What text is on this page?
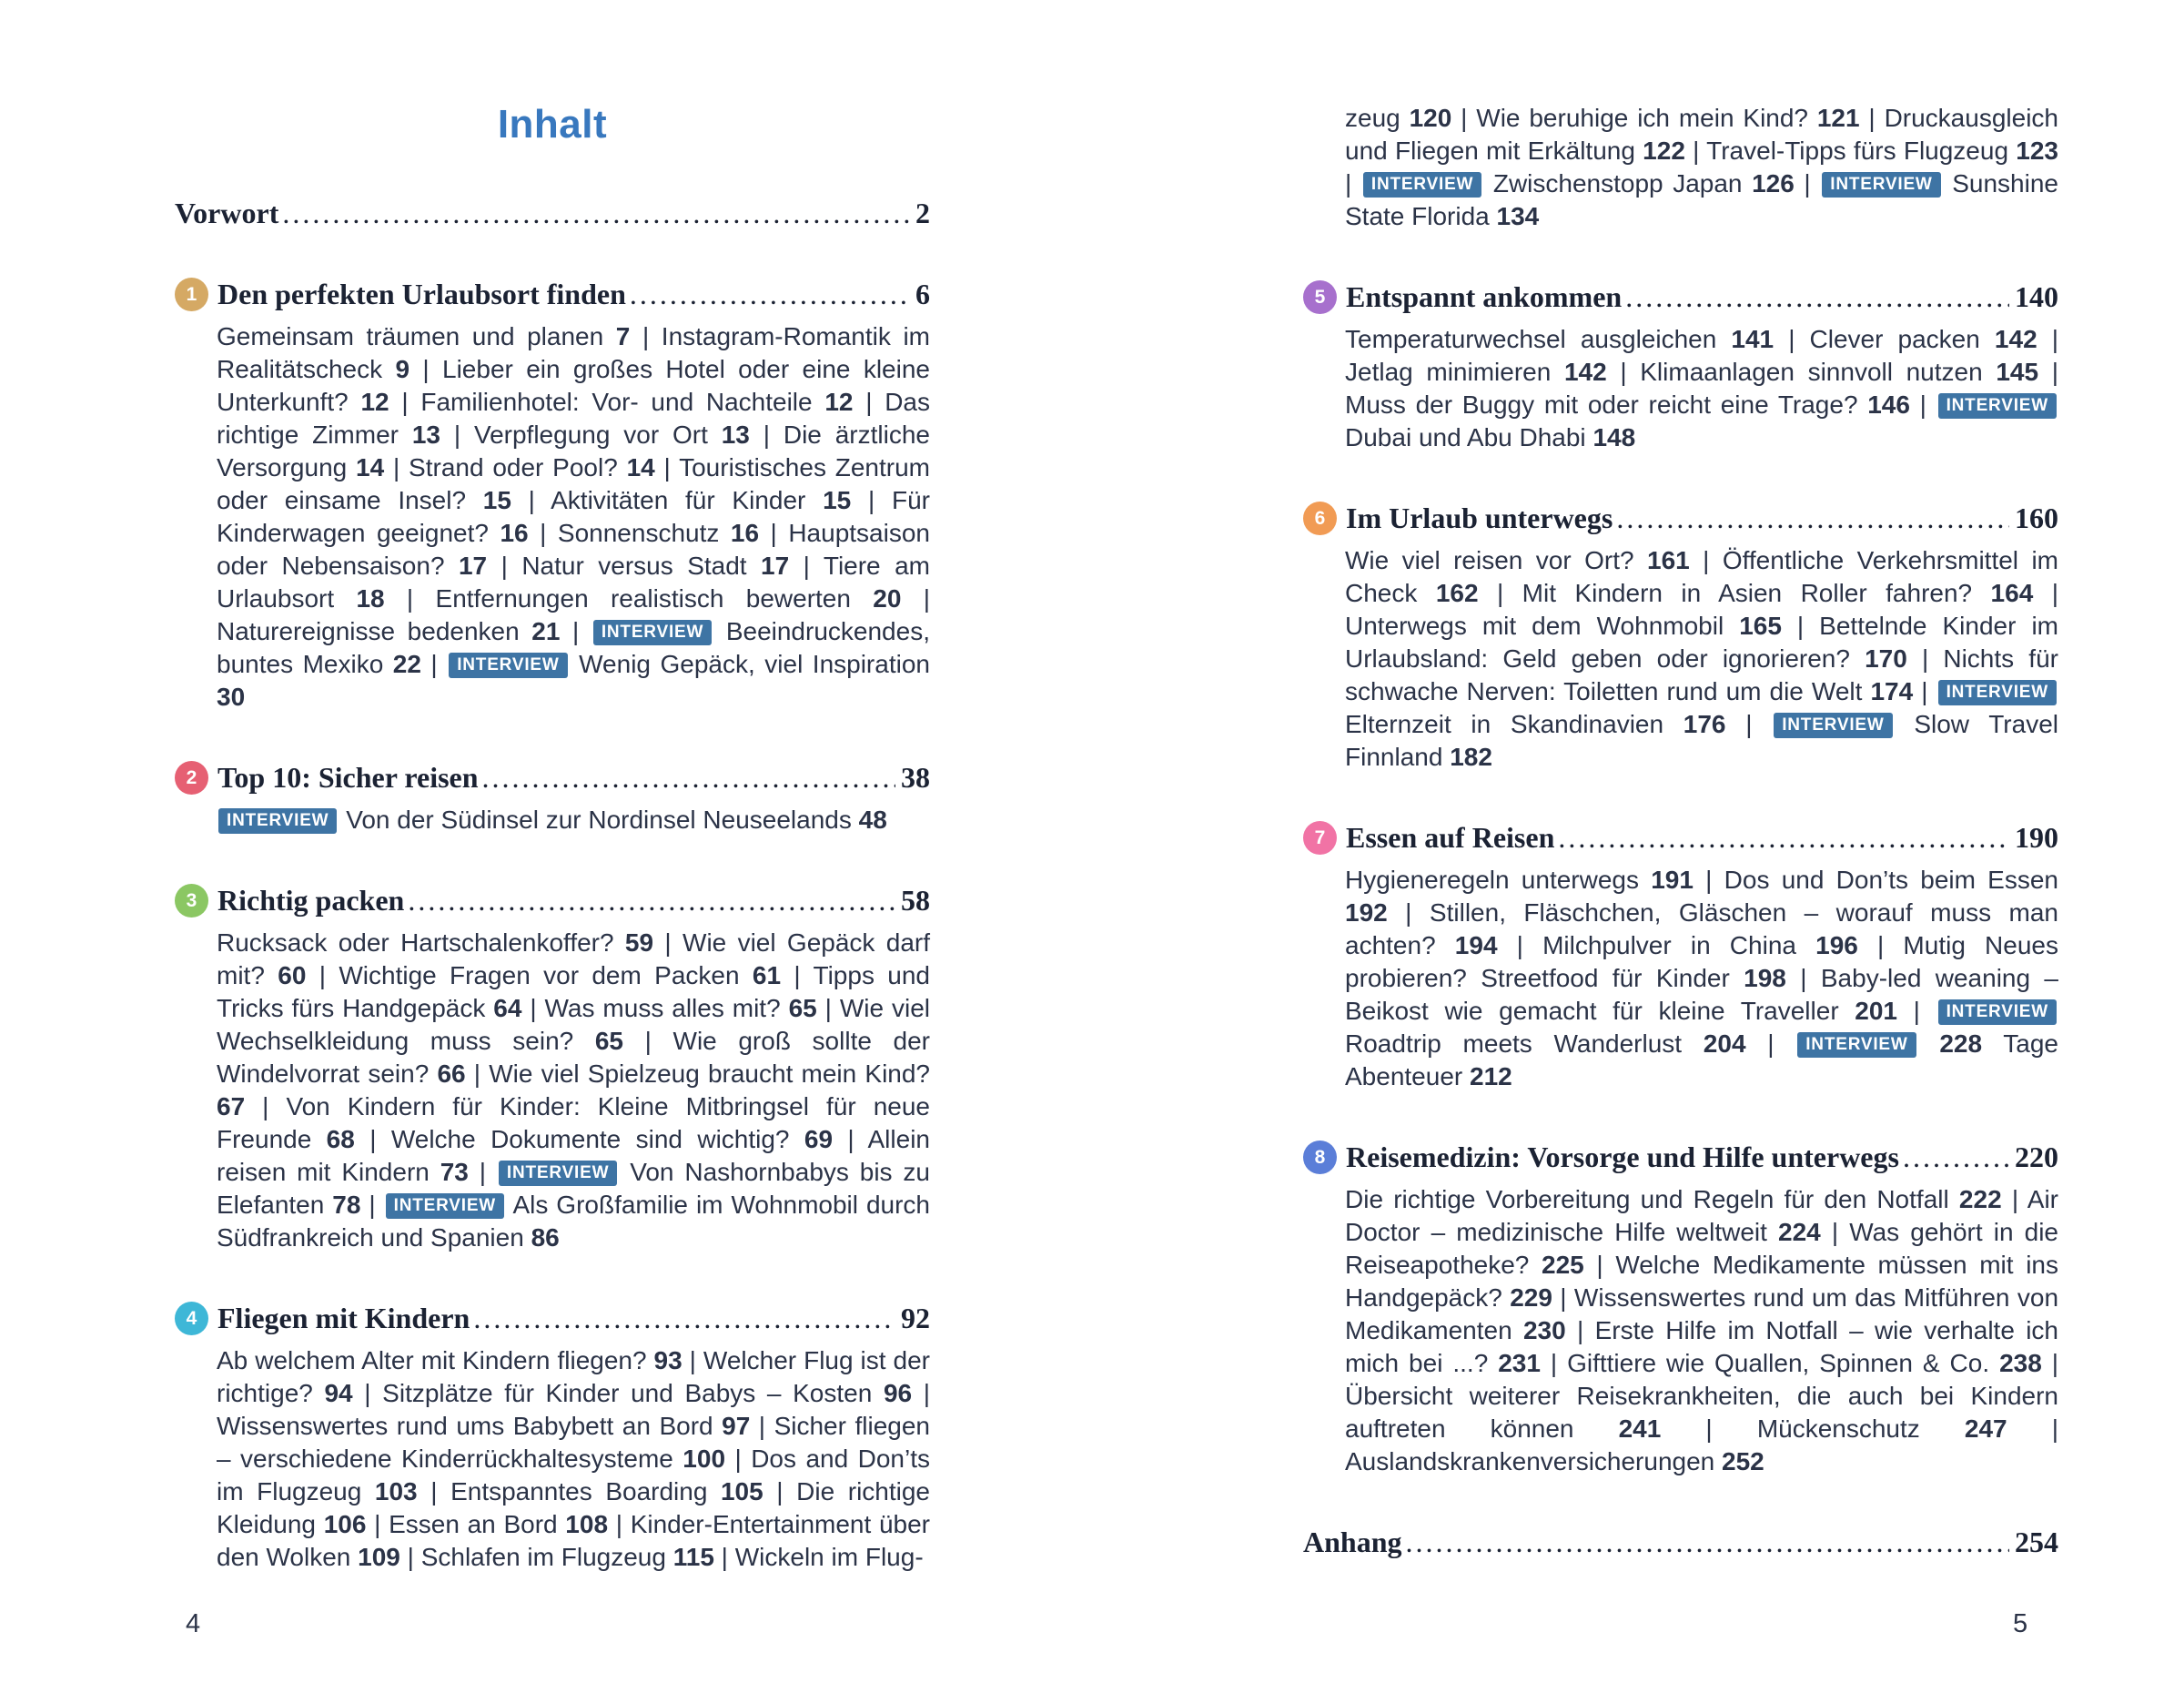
Inhalt
Vorwort .....	2
1 Den perfekten Urlaubsort finden .....	6

Gemeinsam träumen und planen 7 | Instagram-Romantik im Realitätscheck 9 | Lieber ein großes Hotel oder eine kleine Unterkunft? 12 | Familienhotel: Vor- und Nachteile 12 | Das richtige Zimmer 13 | Verpflegung vor Ort 13 | Die ärztliche Versorgung 14 | Strand oder Pool? 14 | Touristisches Zentrum oder einsame Insel? 15 | Aktivitäten für Kinder 15 | Für Kinderwagen geeignet? 16 | Sonnenschutz 16 | Hauptsaison oder Nebensaison? 17 | Natur versus Stadt 17 | Tiere am Urlaubsort 18 | Entfernungen realistisch bewerten 20 | Naturereignisse bedenken 21 | INTERVIEW Beeindruckendes, buntes Mexiko 22 | INTERVIEW Wenig Gepäck, viel Inspiration 30

2 Top 10: Sicher reisen .....	38

INTERVIEW Von der Südinsel zur Nordinsel Neuseelands 48

3 Richtig packen .....	58

Rucksack oder Hartschalenkoffer? 59 | Wie viel Gepäck darf mit? 60 | Wichtige Fragen vor dem Packen 61 | Tipps und Tricks fürs Handgepäck 64 | Was muss alles mit? 65 | Wie viel Wechselkleidung muss sein? 65 | Wie groß sollte der Windelvorrat sein? 66 | Wie viel Spielzeug braucht mein Kind? 67 | Von Kindern für Kinder: Kleine Mitbringsel für neue Freunde 68 | Welche Dokumente sind wichtig? 69 | Allein reisen mit Kindern 73 | INTERVIEW Von Nashornbabys bis zu Elefanten 78 | INTERVIEW Als Großfamilie im Wohnmobil durch Südfrankreich und Spanien 86

4 Fliegen mit Kindern .....	92

Ab welchem Alter mit Kindern fliegen? 93 | Welcher Flug ist der richtige? 94 | Sitzplätze für Kinder und Babys – Kosten 96 | Wissenswertes rund ums Babybett an Bord 97 | Sicher fliegen – verschiedene Kinderrückhaltesysteme 100 | Dos and Don’ts im Flugzeug 103 | Entspanntes Boarding 105 | Die richtige Kleidung 106 | Essen an Bord 108 | Kinder-Entertainment über den Wolken 109 | Schlafen im Flugzeug 115 | Wickeln im Flug-

zeug 120 | Wie beruhige ich mein Kind? 121 | Druckausgleich und Fliegen mit Erkältung 122 | Travel-Tipps fürs Flugzeug 123 | INTERVIEW Zwischenstopp Japan 126 | INTERVIEW Sunshine State Florida 134

5 Entspannt ankommen .....	140

Temperaturwechsel ausgleichen 141 | Clever packen 142 | Jetlag minimieren 142 | Klimaanlagen sinnvoll nutzen 145 | Muss der Buggy mit oder reicht eine Trage? 146 | INTERVIEW Dubai und Abu Dhabi 148

6 Im Urlaub unterwegs .....	160

Wie viel reisen vor Ort? 161 | Öffentliche Verkehrsmittel im Check 162 | Mit Kindern in Asien Roller fahren? 164 | Unterwegs mit dem Wohnmobil 165 | Bettelnde Kinder im Urlaubsland: Geld geben oder ignorieren? 170 | Nichts für schwache Nerven: Toiletten rund um die Welt 174 | INTERVIEW Elternzeit in Skandinavien 176 | INTERVIEW Slow Travel Finnland 182

7 Essen auf Reisen .....	190

Hygieneregeln unterwegs 191 | Dos und Don’ts beim Essen 192 | Stillen, Fläschchen, Gläschen – worauf muss man achten? 194 | Milchpulver in China 196 | Mutig Neues probieren? Streetfood für Kinder 198 | Baby-led weaning – Beikost wie gemacht für kleine Traveller 201 | INTERVIEW Roadtrip meets Wanderlust 204 | INTERVIEW 228 Tage Abenteuer 212

8 Reisemedizin: Vorsorge und Hilfe unterwegs .....	220

Die richtige Vorbereitung und Regeln für den Notfall 222 | Air Doctor – medizinische Hilfe weltweit 224 | Was gehört in die Reiseapotheke? 225 | Welche Medikamente müssen mit ins Handgepäck? 229 | Wissenswertes rund um das Mitführen von Medikamenten 230 | Erste Hilfe im Notfall – wie verhalte ich mich bei ...? 231 | Gifttiere wie Quallen, Spinnen & Co. 238 | Übersicht weiterer Reisekrankheiten, die auch bei Kindern auftreten können 241 | Mückenschutz 247 | Auslandskrankenversicherungen 252

Anhang .....	254
4	5
